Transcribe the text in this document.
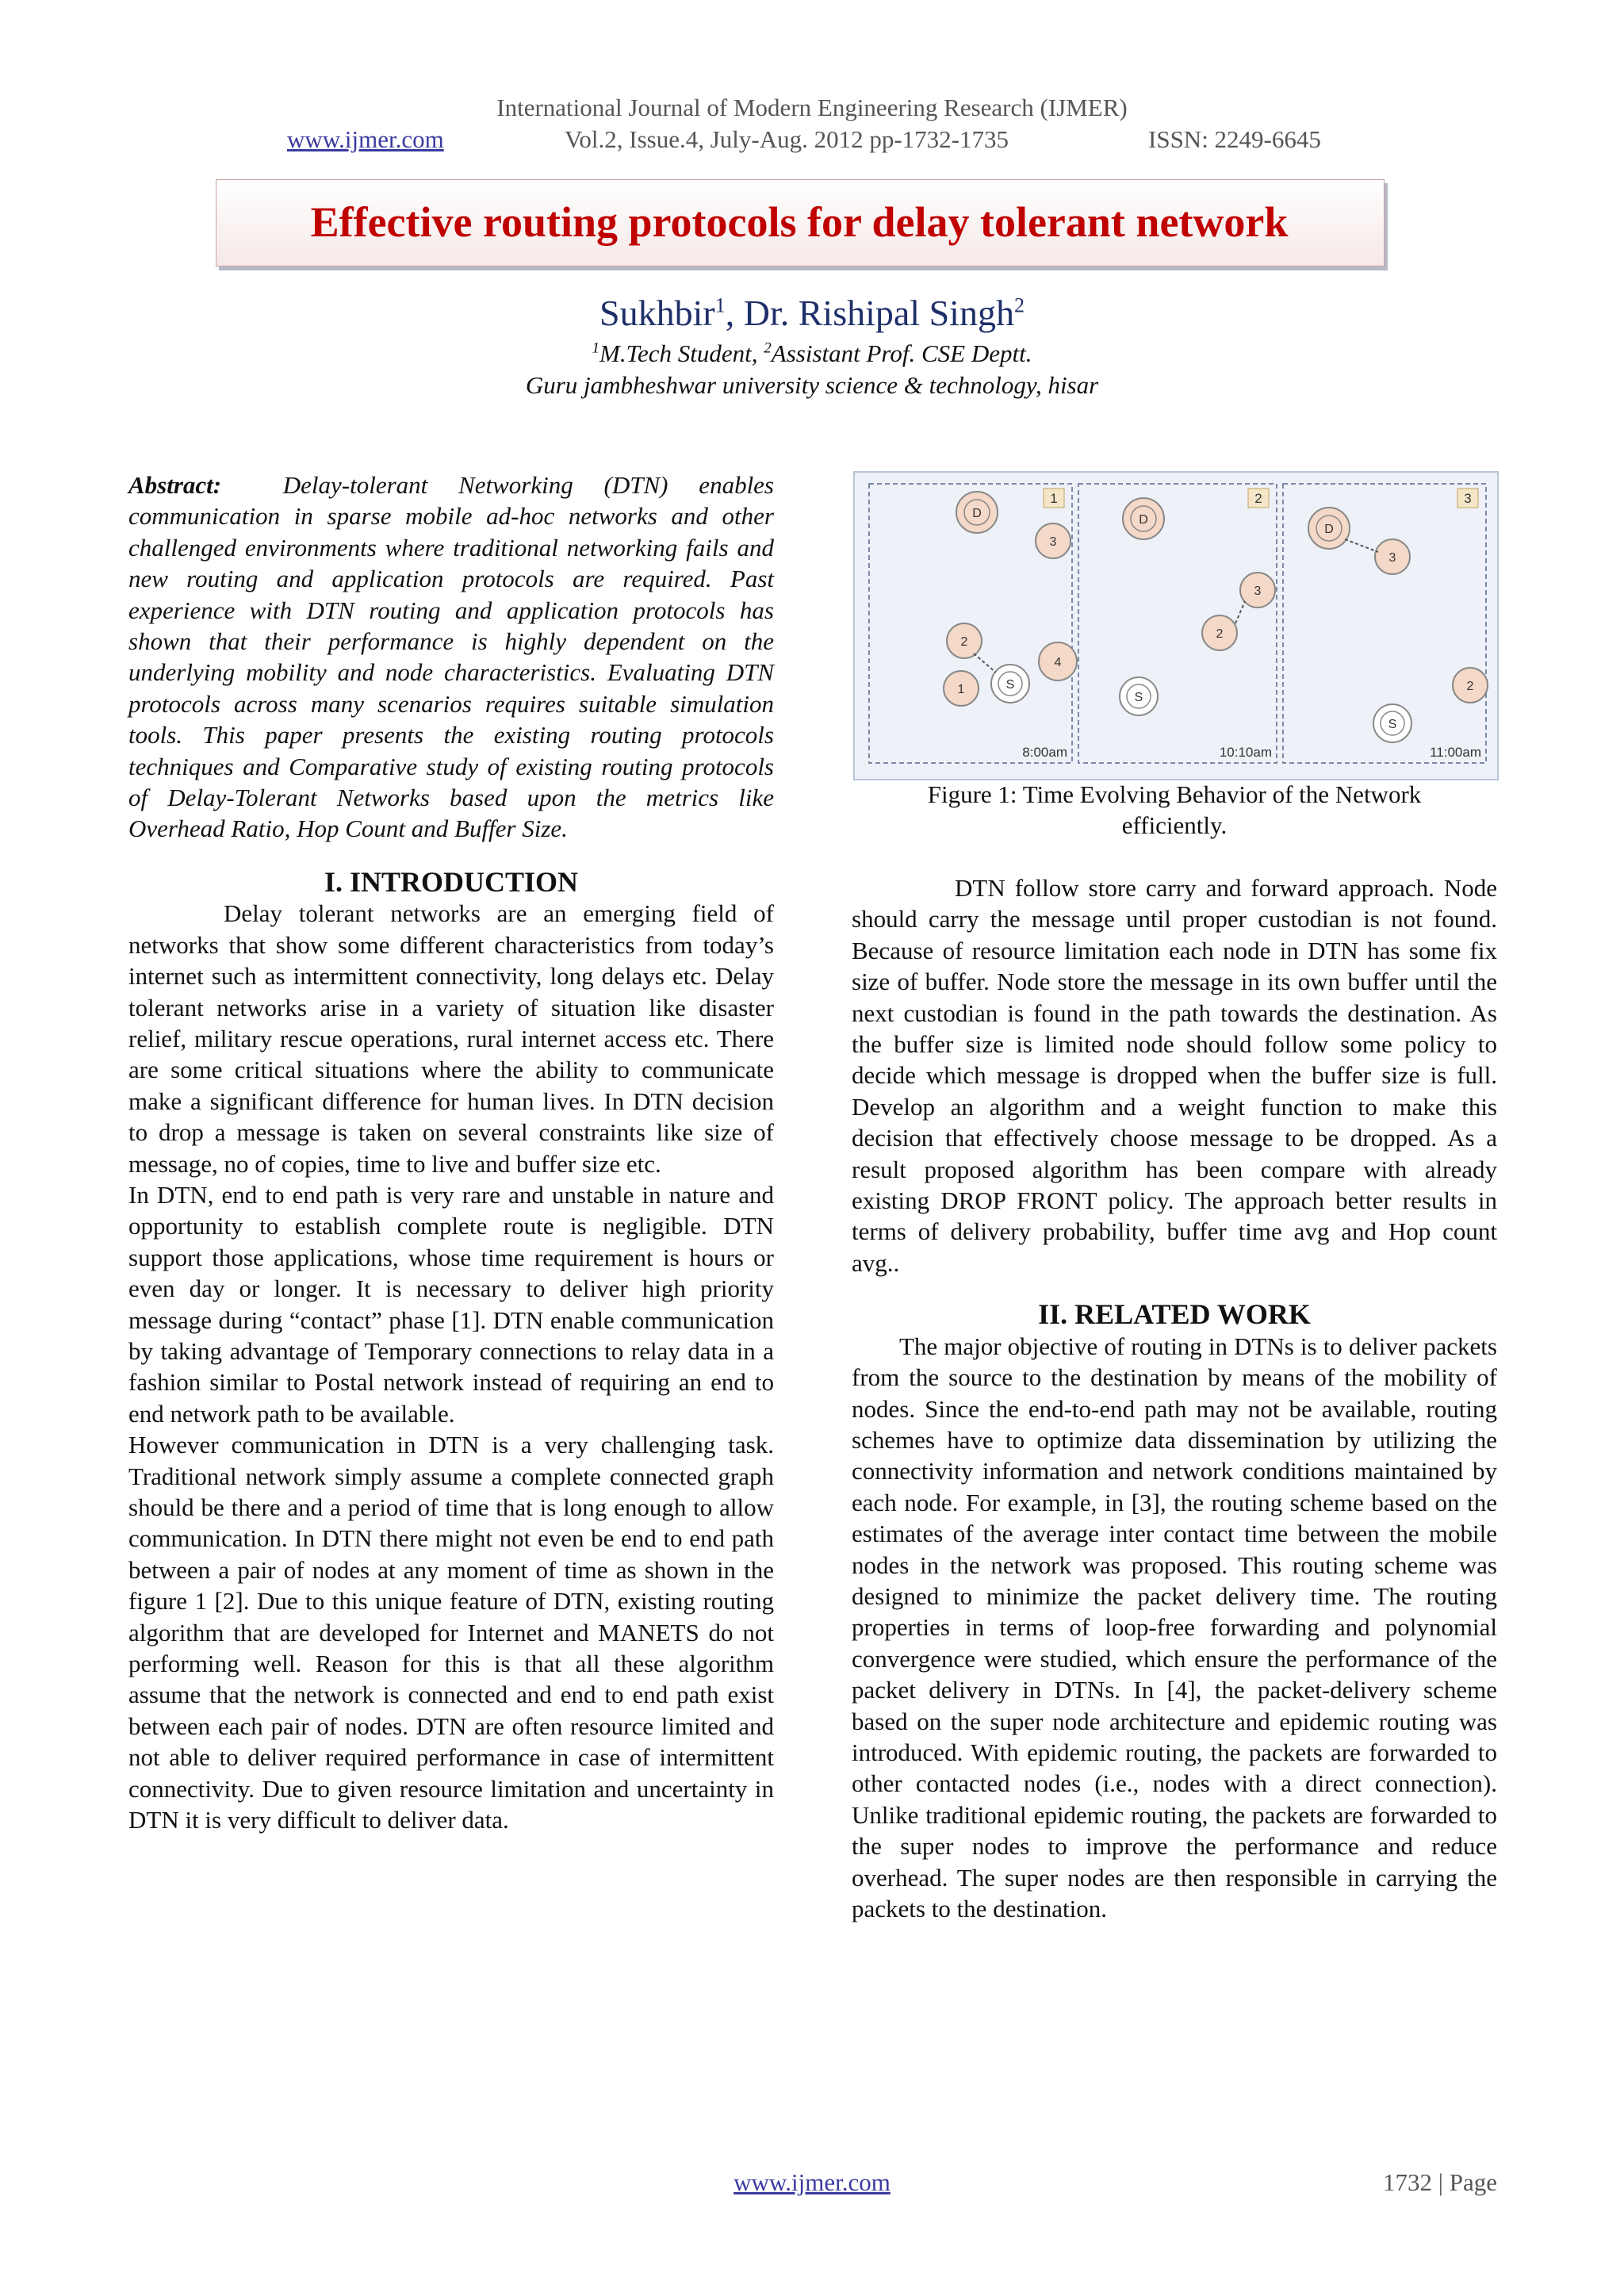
International Journal of Modern Engineering Research (IJMER)
www.ijmer.com	Vol.2, Issue.4, July-Aug. 2012 pp-1732-1735	ISSN: 2249-6645
Effective routing protocols for delay tolerant network
Sukhbir$^1$, Dr. Rishipal Singh$^2$
$^1$M.Tech Student, $^2$Assistant Prof. CSE Deptt.
Guru jambheshwar university science & technology, hisar

Abstract:	Delay-tolerant Networking (DTN) enables communication in sparse mobile ad-hoc networks and other challenged environments where traditional networking fails and new routing and application protocols are required. Past experience with DTN routing and application protocols has shown that their performance is highly dependent on the underlying mobility and node characteristics. Evaluating DTN protocols across many scenarios requires suitable simulation tools. This paper presents the existing routing protocols techniques and Comparative study of existing routing protocols of Delay-Tolerant Networks based upon the metrics like Overhead Ratio, Hop Count and Buffer Size.

I. INTRODUCTION

Delay tolerant networks are an emerging field of networks that show some different characteristics from today’s internet such as intermittent connectivity, long delays etc. Delay tolerant networks arise in a variety of situation like disaster relief, military rescue operations, rural internet access etc. There are some critical situations where the ability to communicate make a significant difference for human lives. In DTN decision to drop a message is taken on several constraints like size of message, no of copies, time to live and buffer size etc.

In DTN, end to end path is very rare and unstable in nature and opportunity to establish complete route is negligible. DTN support those applications, whose time requirement is hours or even day or longer. It is necessary to deliver high priority message during “contact” phase [1]. DTN enable communication by taking advantage of Temporary connections to relay data in a fashion similar to Postal network instead of requiring an end to end network path to be available.

However communication in DTN is a very challenging task. Traditional network simply assume a complete connected graph should be there and a period of time that is long enough to allow communication. In DTN there might not even be end to end path between a pair of nodes at any moment of time as shown in the figure 1 [2]. Due to this unique feature of DTN, existing routing algorithm that are developed for Internet and MANETS do not performing well. Reason for this is that all these algorithm assume that the network is connected and end to end path exist between each pair of nodes. DTN are often resource limited and not able to deliver required performance in case of intermittent connectivity. Due to given resource limitation and uncertainty in DTN it is very difficult to deliver data.

1	2	3
D
3
2
4
1	S
D
3
2
S
D
3
2
S
8:00am	10:10am	11:00am
Figure 1: Time Evolving Behavior of the Network
efficiently.

DTN follow store carry and forward approach. Node should carry the message until proper custodian is not found. Because of resource limitation each node in DTN has some fix size of buffer. Node store the message in its own buffer until the next custodian is found in the path towards the destination. As the buffer size is limited node should follow some policy to decide which message is dropped when the buffer size is full. Develop an algorithm and a weight function to make this decision that effectively choose message to be dropped. As a result proposed algorithm has been compare with already existing DROP FRONT policy. The approach better results in terms of delivery probability, buffer time avg and Hop count avg..

II. RELATED WORK

The major objective of routing in DTNs is to deliver packets from the source to the destination by means of the mobility of nodes. Since the end-to-end path may not be available, routing schemes have to optimize data dissemination by utilizing the connectivity information and network conditions maintained by each node. For example, in [3], the routing scheme based on the estimates of the average inter contact time between the mobile nodes in the network was proposed. This routing scheme was designed to minimize the packet delivery time. The routing properties in terms of loop-free forwarding and polynomial convergence were studied, which ensure the performance of the packet delivery in DTNs. In [4], the packet-delivery scheme based on the super node architecture and epidemic routing was introduced. With epidemic routing, the packets are forwarded to other contacted nodes (i.e., nodes with a direct connection). Unlike traditional epidemic routing, the packets are forwarded to the super nodes to improve the performance and reduce overhead. The super nodes are then responsible in carrying the packets to the destination.

www.ijmer.com	1732 | Page
